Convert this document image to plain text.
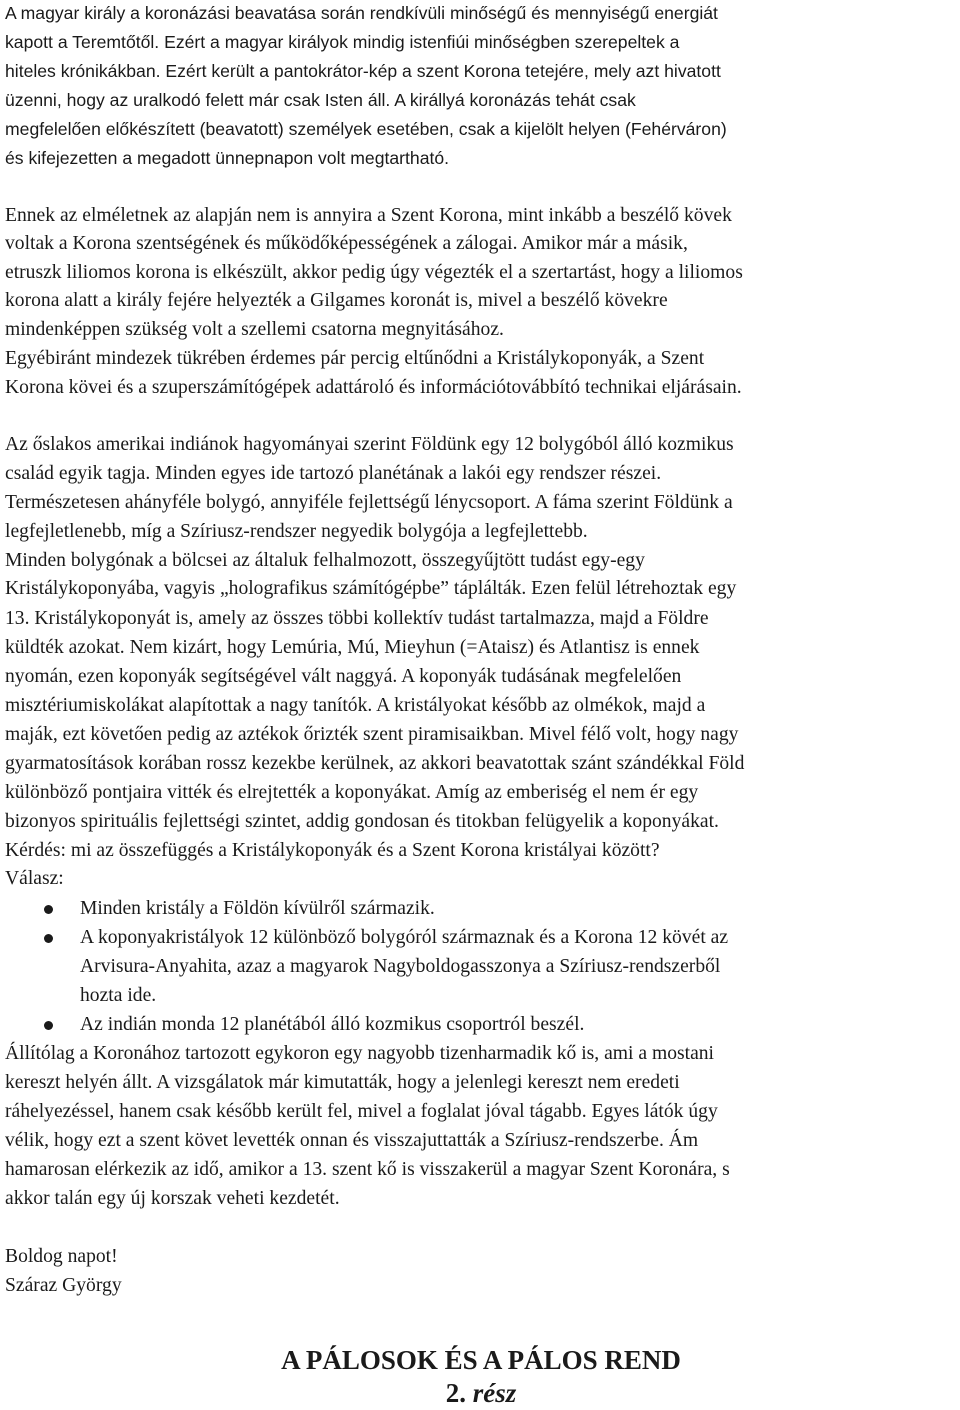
A magyar király a koronázási beavatása során rendkívüli minőségű és mennyiségű energiát
kapott a Teremtőtől. Ezért a magyar királyok mindig istenfiúi minőségben szerepeltek a
hiteles krónikákban. Ezért került a pantokrátor-kép a szent Korona tetejére, mely azt hivatott
üzenni, hogy az uralkodó felett már csak Isten áll. A királlyá koronázás tehát csak
megfelelően előkészített (beavatott) személyek esetében, csak a kijelölt helyen (Fehérváron)
és kifejezetten a megadott ünnepnapon volt megtartható.
Ennek az elméletnek az alapján nem is annyira a Szent Korona, mint inkább a beszélő kövek
voltak a Korona szentségének és működőképességének a zálogai. Amikor már a másik,
etruszk liliomos korona is elkészült, akkor pedig úgy végezték el a szertartást, hogy a liliomos
korona alatt a király fejére helyezték a Gilgames koronát is, mivel a beszélő kövekre
mindenképpen szükség volt a szellemi csatorna megnyitásához.
Egyébiránt mindezek tükrében érdemes pár percig eltűnődni a Kristálykoponyák, a Szent
Korona kövei és a szuperszámítógépek adattároló és információtovábbító technikai eljárásain.
Az őslakos amerikai indiánok hagyományai szerint Földünk egy 12 bolygóból álló kozmikus
család egyik tagja. Minden egyes ide tartozó planétának a lakói egy rendszer részei.
Természetesen ahányféle bolygó, annyiféle fejlettségű lénycsoport. A fáma szerint Földünk a
legfejletlenebb, míg a Szíriusz-rendszer negyedik bolygója a legfejlettebb.
Minden bolygónak a bölcsei az általuk felhalmozott, összegyűjtött tudást egy-egy
Kristálykoponyába, vagyis „holografikus számítógépbe” táplálták. Ezen felül létrehoztak egy
13. Kristálykoponyát is, amely az összes többi kollektív tudást tartalmazza, majd a Földre
küldték azokat. Nem kizárt, hogy Lemúria, Mú, Mieyhun (=Ataisz) és Atlantisz is ennek
nyomán, ezen koponyák segítségével vált naggyá. A koponyák tudásának megfelelően
misztériumiskolákat alapítottak a nagy tanítók. A kristályokat később az olmékok, majd a
maják, ezt követően pedig az aztékok őrizték szent piramisaikban. Mivel félő volt, hogy nagy
gyarmatosítások korában rossz kezekbe kerülnek, az akkori beavatottak szánt szándékkal Föld
különböző pontjaira vitték és elrejtették a koponyákat. Amíg az emberiség el nem ér egy
bizonyos spirituális fejlettségi szintet, addig gondosan és titokban felügyelik a koponyákat.
Kérdés: mi az összefüggés a Kristálykoponyák és a Szent Korona kristályai között?
Válasz:
Minden kristály a Földön kívülről származik.
A koponyakristályok 12 különböző bolygóról származnak és a Korona 12 kövét az
Arvisura-Anyahita, azaz a magyarok Nagyboldogasszonya a Szíriusz-rendszerből
hozta ide.
Az indián monda 12 planétából álló kozmikus csoportról beszél.
Állítólag a Koronához tartozott egykoron egy nagyobb tizenharmadik kő is, ami a mostani
kereszt helyén állt. A vizsgálatok már kimutatták, hogy a jelenlegi kereszt nem eredeti
ráhelyezéssel, hanem csak később került fel, mivel a foglalat jóval tágabb. Egyes látók úgy
vélik, hogy ezt a szent követ levették onnan és visszajuttatták a Szíriusz-rendszerbe. Ám
hamarosan elérkezik az idő, amikor a 13. szent kő is visszakerül a magyar Szent Koronára, s
akkor talán egy új korszak veheti kezdetét.
Boldog napot!
Száraz György
A PÁLOSOK ÉS A PÁLOS REND
2. rész
